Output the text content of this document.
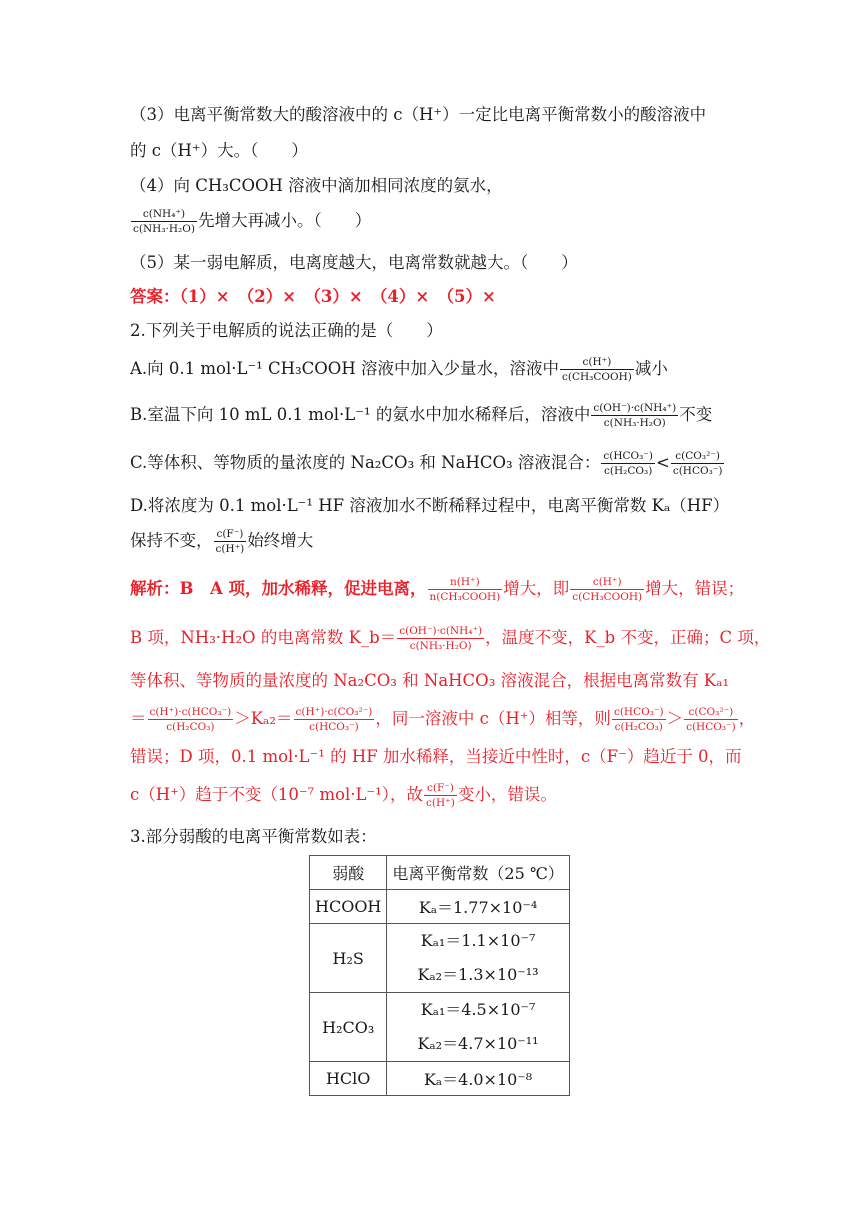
（3）电离平衡常数大的酸溶液中的 c（H⁺）一定比电离平衡常数小的酸溶液中
的 c（H⁺）大。（　　）
（4）向 CH₃COOH 溶液中滴加相同浓度的氨水，
$\frac{\text{c(NH₄⁺)}}{\text{c(NH₃·H₂O)}}$ 先增大再减小。（　　）
（5）某一弱电解质，电离度越大，电离常数就越大。（　　）
答案：（1）×　（2）×　（3）×　（4）×　（5）×
2.下列关于电解质的说法正确的是（　　）
A.向 0.1 mol·L⁻¹ CH₃COOH 溶液中加入少量水，溶液中 $\frac{c(H^+)}{\text{c(CH₃COOH)}}$ 减小
B.室温下向 10 mL 0.1 mol·L⁻¹ 的氨水中加水稀释后，溶液中 $\frac{\text{c(OH⁻)·c(NH₄⁺)}}{\text{c(NH₃·H₂O)}}$ 不变
C.等体积、等物质的量浓度的 Na₂CO₃ 和 NaHCO₃ 溶液混合： $\frac{\text{c(HCO₃⁻)}}{\text{c(H₂CO₃)}} < \frac{\text{c(CO₃²⁻)}}{\text{c(HCO₃⁻)}}$
D.将浓度为 0.1 mol·L⁻¹ HF 溶液加水不断稀释过程中，电离平衡常数 Kₐ（HF）
保持不变， $\frac{c(F^-)}{c(H^+)}$ 始终增大
解析：B　A 项，加水稀释，促进电离， $\frac{n(H^+)}{\text{n(CH₃COOH)}}$ 增大，即 $\frac{c(H^+)}{\text{c(CH₃COOH)}}$ 增大，错误；
B 项，NH₃·H₂O 的电离常数 K_b＝ $\frac{\text{c(OH⁻)·c(NH₄⁺)}}{\text{c(NH₃·H₂O)}}$ ，温度不变，K_b 不变，正确；C 项，
等体积、等物质的量浓度的 Na₂CO₃ 和 NaHCO₃ 溶液混合，根据电离常数有 Kₐ₁
＝ $\frac{\text{c(H⁺)·c(HCO₃⁻)}}{\text{c(H₂CO₃)}} >K_{a2}= \frac{\text{c(H⁺)·c(CO₃²⁻)}}{\text{c(HCO₃⁻)}}$ ，同一溶液中 c（H⁺）相等，则 $\frac{\text{c(HCO₃⁻)}}{\text{c(H₂CO₃)}} > \frac{\text{c(CO₃²⁻)}}{\text{c(HCO₃⁻)}}$ ，
错误；D 项，0.1 mol·L⁻¹ 的 HF 加水稀释，当接近中性时，c（F⁻）趋近于 0，而
c（H⁺）趋于不变（10⁻⁷ mol·L⁻¹），故 $\frac{c(F^-)}{c(H^+)}$ 变小，错误。
3.部分弱酸的电离平衡常数如表：
弱酸	电离平衡常数（25 ℃）
HCOOH	Kₐ＝1.77×10⁻⁴
H₂S	Kₐ₁＝1.1×10⁻⁷
Kₐ₂＝1.3×10⁻¹³

H₂CO₃	Kₐ₁＝4.5×10⁻⁷
Kₐ₂＝4.7×10⁻¹¹

HClO	Kₐ＝4.0×10⁻⁸
